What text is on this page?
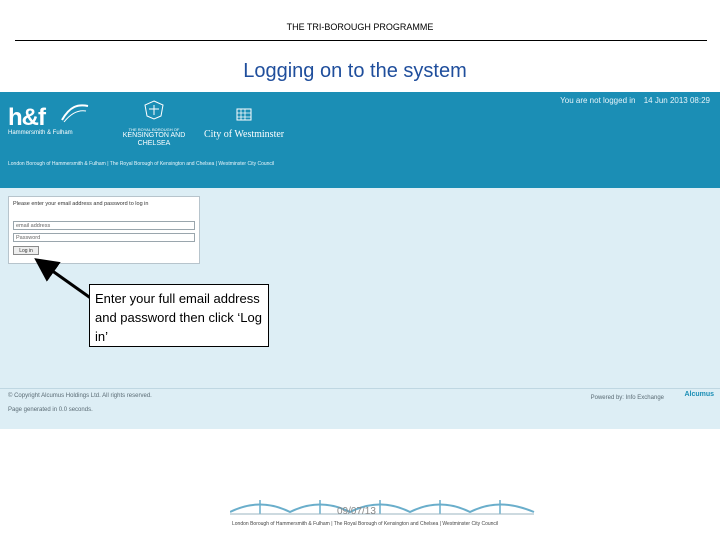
THE TRI-BOROUGH PROGRAMME
Logging on to the system
You are not logged in 14 Jun 2013 08:29
h&f
Hammersmith & Fulham
THE ROYAL BOROUGH OF
KENSINGTON AND CHELSEA
City of Westminster
London Borough of Hammersmith & Fulham | The Royal Borough of Kensington and Chelsea | Westminster City Council
Please enter your email address and password to log in
email address
Password
Log in
© Copyright Alcumus Holdings Ltd. All rights reserved.
Page generated in 0.0 seconds.
Powered by: Info Exchange	Alcumus
Enter your full email address and password then click ‘Log in’
09/07/13
London Borough of Hammersmith & Fulham | The Royal Borough of Kensington and Chelsea | Westminster City Council
